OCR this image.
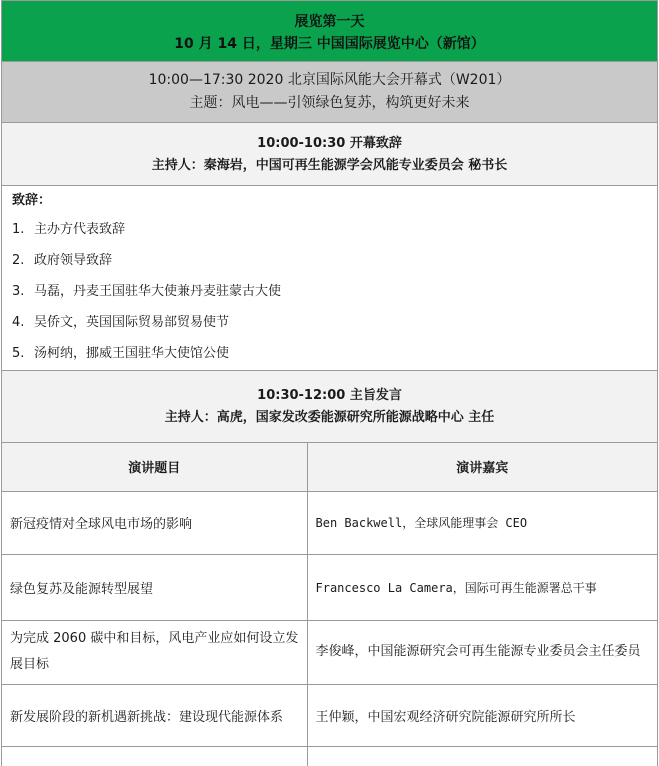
展览第一天
10 月 14 日，星期三 中国国际展览中心（新馆）
10:00—17:30 2020 北京国际风能大会开幕式（W201）
主题：风电——引领绿色复苏，构筑更好未来
10:00-10:30 开幕致辞
主持人：秦海岩，中国可再生能源学会风能专业委员会 秘书长
致辞：
1. 主办方代表致辞
2. 政府领导致辞
3. 马磊，丹麦王国驻华大使兼丹麦驻蒙古大使
4. 吴侨文，英国国际贸易部贸易使节
5. 汤柯纳，挪威王国驻华大使馆公使
10:30-12:00 主旨发言
主持人：高虎，国家发改委能源研究所能源战略中心 主任
演讲题目	演讲嘉宾
新冠疫情对全球风电市场的影响	Ben Backwell，全球风能理事会 CEO
绿色复苏及能源转型展望	Francesco La Camera，国际可再生能源署总干事
为完成 2060 碳中和目标，风电产业应如何设立发展目标	李俊峰，中国能源研究会可再生能源专业委员会主任委员
新发展阶段的新机遇新挑战：建设现代能源体系	王仲颖，中国宏观经济研究院能源研究所所长
